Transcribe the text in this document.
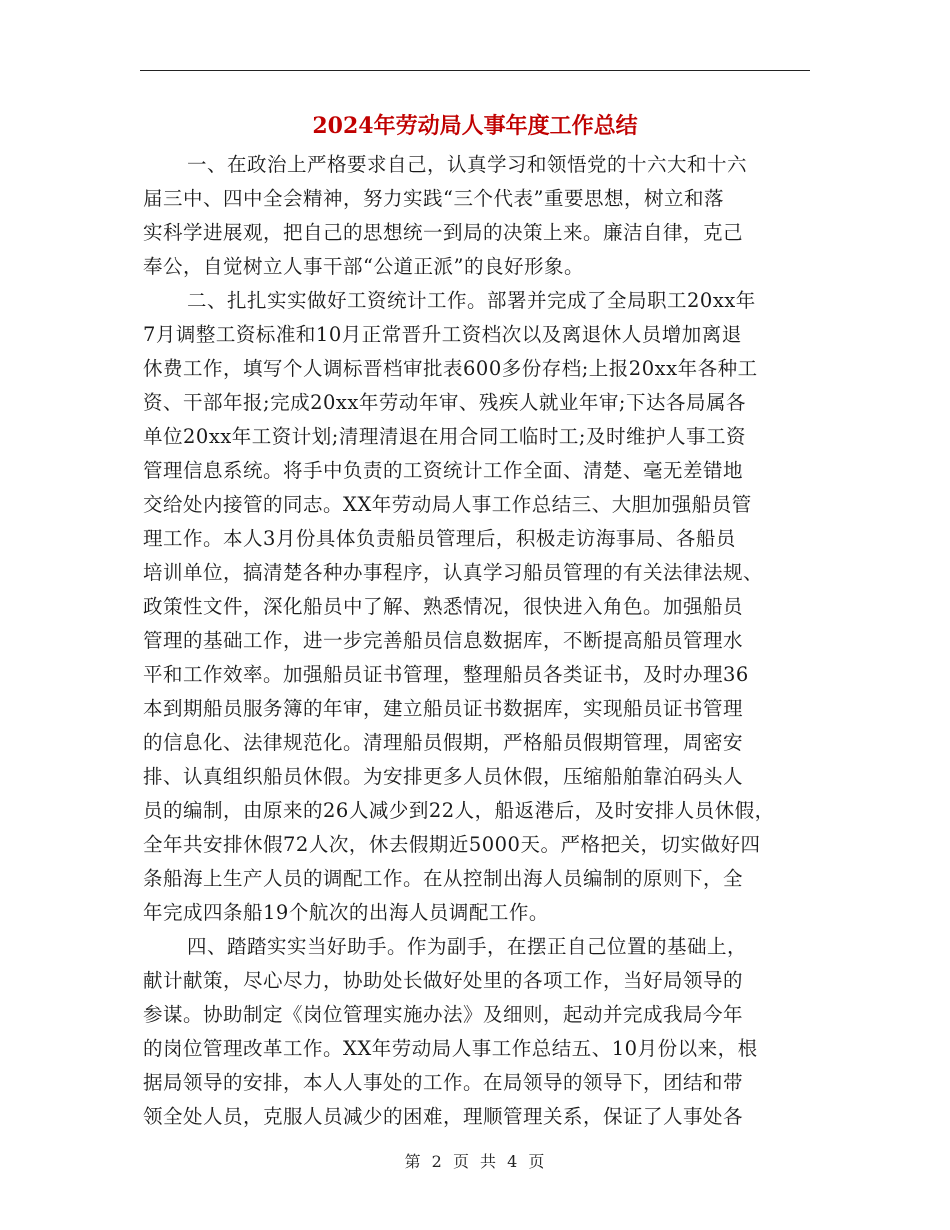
2024年劳动局人事年度工作总结

一、在政治上严格要求自己，认真学习和领悟党的十六大和十六
届三中、四中全会精神，努力实践“三个代表”重要思想，树立和落
实科学进展观，把自己的思想统一到局的决策上来。廉洁自律，克己
奉公，自觉树立人事干部“公道正派”的良好形象。

二、扎扎实实做好工资统计工作。部署并完成了全局职工20xx年
7月调整工资标准和10月正常晋升工资档次以及离退休人员增加离退
休费工作，填写个人调标晋档审批表600多份存档;上报20xx年各种工
资、干部年报;完成20xx年劳动年审、残疾人就业年审;下达各局属各
单位20xx年工资计划;清理清退在用合同工临时工;及时维护人事工资
管理信息系统。将手中负责的工资统计工作全面、清楚、毫无差错地
交给处内接管的同志。XX年劳动局人事工作总结三、大胆加强船员管
理工作。本人3月份具体负责船员管理后，积极走访海事局、各船员
培训单位，搞清楚各种办事程序，认真学习船员管理的有关法律法规、
政策性文件，深化船员中了解、熟悉情况，很快进入角色。加强船员
管理的基础工作，进一步完善船员信息数据库，不断提高船员管理水
平和工作效率。加强船员证书管理，整理船员各类证书，及时办理36
本到期船员服务簿的年审，建立船员证书数据库，实现船员证书管理
的信息化、法律规范化。清理船员假期，严格船员假期管理，周密安
排、认真组织船员休假。为安排更多人员休假，压缩船舶靠泊码头人
员的编制，由原来的26人减少到22人，船返港后，及时安排人员休假，
全年共安排休假72人次，休去假期近5000天。严格把关，切实做好四
条船海上生产人员的调配工作。在从控制出海人员编制的原则下，全
年完成四条船19个航次的出海人员调配工作。

四、踏踏实实当好助手。作为副手，在摆正自己位置的基础上，
献计献策，尽心尽力，协助处长做好处里的各项工作，当好局领导的
参谋。协助制定《岗位管理实施办法》及细则，起动并完成我局今年
的岗位管理改革工作。XX年劳动局人事工作总结五、10月份以来，根
据局领导的安排，本人人事处的工作。在局领导的领导下，团结和带
领全处人员，克服人员减少的困难，理顺管理关系，保证了人事处各

第 2 页 共 4 页
